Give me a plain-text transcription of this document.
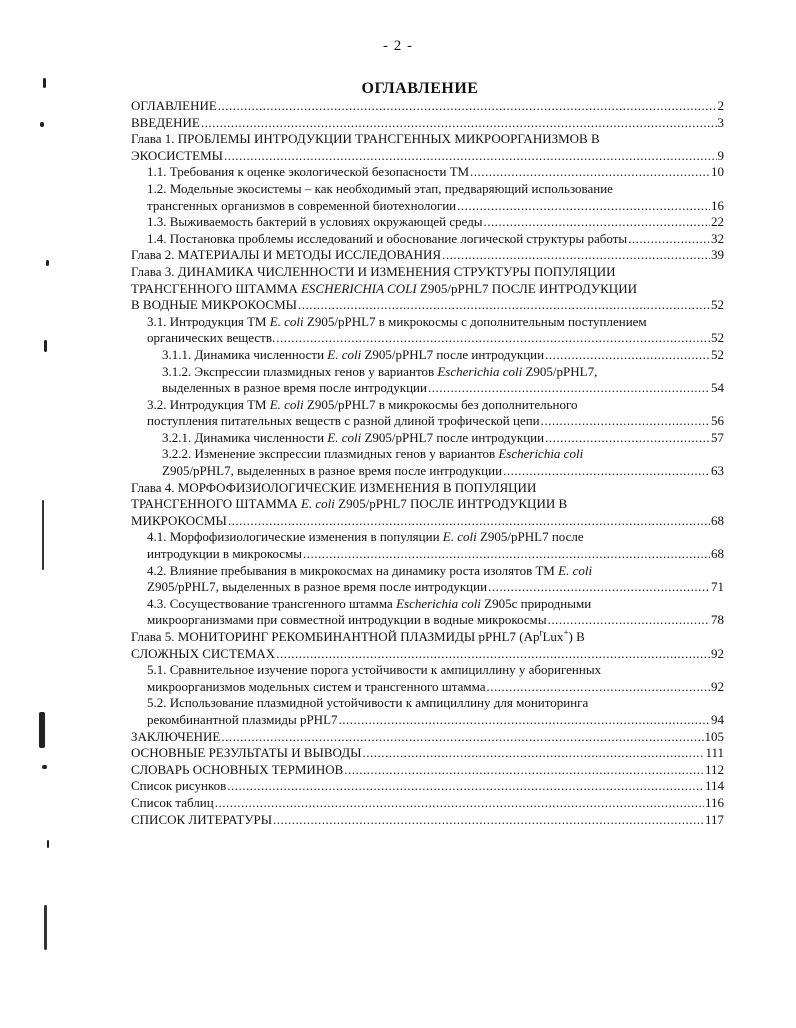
- 2 -
ОГЛАВЛЕНИЕ
ОГЛАВЛЕНИЕ .....	2
ВВЕДЕНИЕ .....	3
Глава 1. ПРОБЛЕМЫ ИНТРОДУКЦИИ ТРАНСГЕННЫХ МИКРООРГАНИЗМОВ В
ЭКОСИСТЕМЫ .....	9
1.1. Требования к оценке экологической безопасности ТМ .....	10
1.2. Модельные экосистемы – как необходимый этап, предваряющий использование
трансгенных организмов в современной биотехнологии .....	16
1.3. Выживаемость бактерий в условиях окружающей среды .....	22
1.4. Постановка проблемы исследований и обоснование логической структуры работы .....	32
Глава 2. МАТЕРИАЛЫ И МЕТОДЫ ИССЛЕДОВАНИЯ .....	39
Глава 3. ДИНАМИКА ЧИСЛЕННОСТИ И ИЗМЕНЕНИЯ СТРУКТУРЫ ПОПУЛЯЦИИ
ТРАНСГЕННОГО ШТАММА ESCHERICHIA COLI Z905/pPHL7 ПОСЛЕ ИНТРОДУКЦИИ
В ВОДНЫЕ МИКРОКОСМЫ .....	52
3.1. Интродукция ТМ E. coli Z905/pPHL7 в микрокосмы с дополнительным поступлением
органических веществ. .....	52
3.1.1. Динамика численности E. coli Z905/pPHL7 после интродукции .....	52
3.1.2. Экспрессии плазмидных генов у вариантов Escherichia coli Z905/pPHL7,
выделенных в разное время после интродукции .....	54
3.2. Интродукция ТМ E. coli Z905/pPHL7 в микрокосмы без дополнительного
поступления питательных веществ с разной длиной трофической цепи .....	56
3.2.1. Динамика численности E. coli Z905/pPHL7 после интродукции .....	57
3.2.2. Изменение экспрессии плазмидных генов у вариантов Escherichia coli
Z905/pPHL7, выделенных в разное время после интродукции .....	63
Глава 4. МОРФОФИЗИОЛОГИЧЕСКИЕ ИЗМЕНЕНИЯ В ПОПУЛЯЦИИ
ТРАНСГЕННОГО ШТАММА E. coli Z905/pPHL7 ПОСЛЕ ИНТРОДУКЦИИ В
МИКРОКОСМЫ .....	68
4.1. Морфофизиологические изменения в популяции E. coli Z905/pPHL7 после
интродукции в микрокосмы .....	68
4.2. Влияние пребывания в микрокосмах на динамику роста изолятов ТМ E. coli
Z905/pPHL7, выделенных в разное время после интродукции .....	71
4.3. Сосуществование трансгенного штамма Escherichia coli Z905с природными
микроорганизмами при совместной интродукции в водные микрокосмы .....	78
Глава 5. МОНИТОРИНГ РЕКОМБИНАНТНОЙ ПЛАЗМИДЫ pPHL7 (Ap$^r$Lux+) В
СЛОЖНЫХ СИСТЕМАХ .....	92
5.1. Сравнительное изучение порога устойчивости к ампициллину у аборигенных
микроорганизмов модельных систем и трансгенного штамма .....	92
5.2. Использование плазмидной устойчивости к ампициллину для мониторинга
рекомбинантной плазмиды pPHL7 .....	94
ЗАКЛЮЧЕНИЕ .....	105
ОСНОВНЫЕ РЕЗУЛЬТАТЫ И ВЫВОДЫ .....	111
СЛОВАРЬ ОСНОВНЫХ ТЕРМИНОВ .....	112
Список рисунков .....	114
Список таблиц .....	116
СПИСОК ЛИТЕРАТУРЫ .....	117
